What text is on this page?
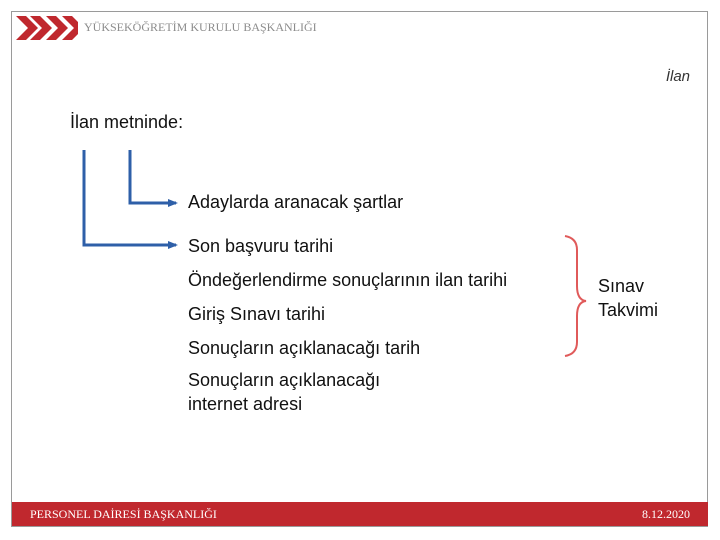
YÜKSEKÖĞRETİM KURULU BAŞKANLIĞI
İlan
İlan metninde:
Adaylarda aranacak şartlar
Son başvuru tarihi
Öndeğerlendirme sonuçlarının ilan tarihi
Giriş Sınavı tarihi
Sonuçların açıklanacağı tarih
Sonuçların açıklanacağı
internet adresi
Sınav
Takvimi
PERSONEL DAİRESİ BAŞKANLIĞI	8.12.2020
